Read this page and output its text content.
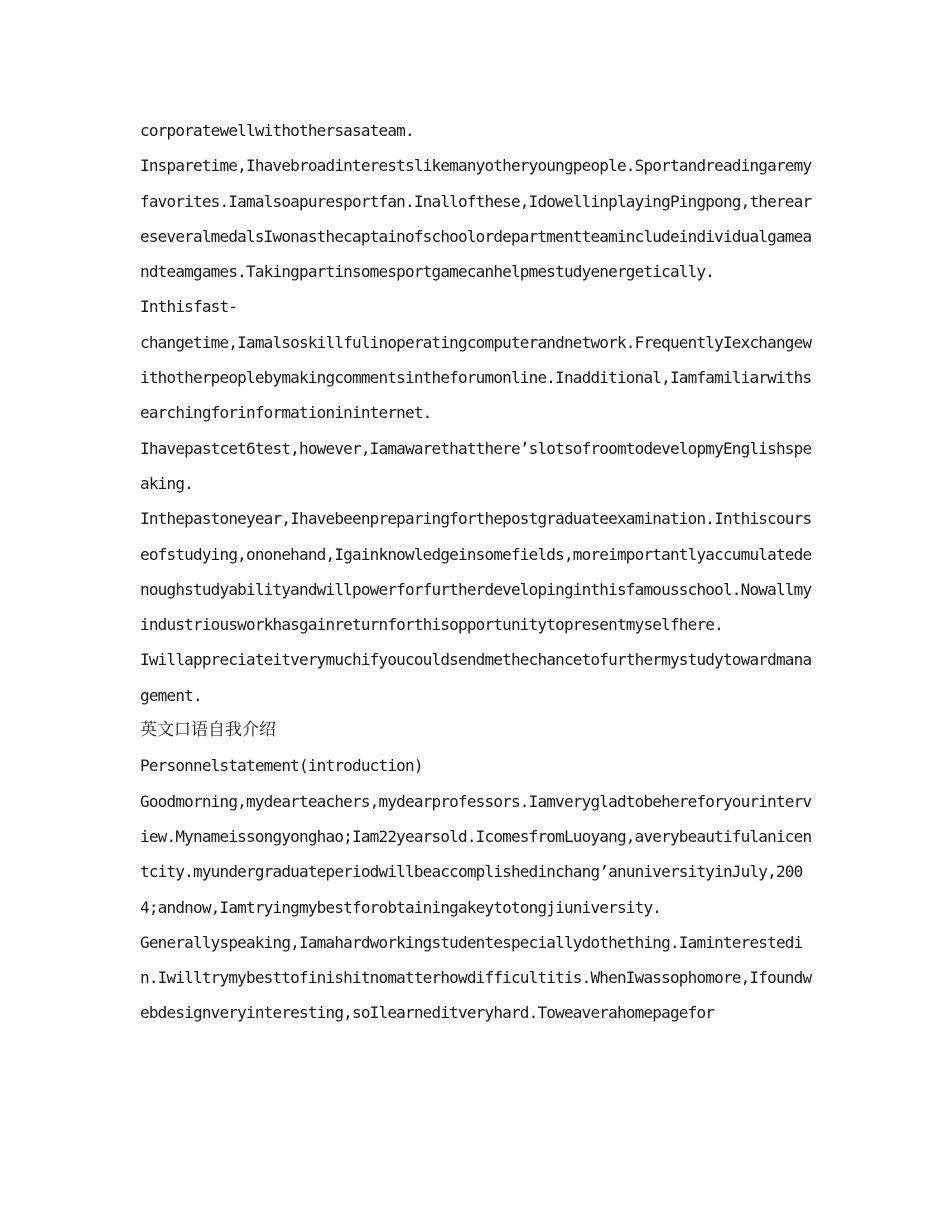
corporatewellwithothersasateam.

Insparetime,Ihavebroadinterestslikemanyotheryoungpeople.Sportandreadingaremyfavorites.Iamalsoapuresportfan.Inallofthese,IdowellinplayingPingpong,thereareseveralmedalsIwonasthecaptainofschoolordepartmentteamincludeindividualgameandteamgames.Takingpartinsomesportgamecanhelpmestudyenergetically.

Inthisfast-

changetime,Iamalsoskillfulinoperatingcomputerandnetwork.FrequentlyIexchangewithotherpeoplebymakingcommentsintheforumonline.Inadditional,Iamfamiliarwithsearchingforinformationininternet.

Ihavepastcet6test,however,Iamawarethatthere’slotsofroomtodevelopmyEnglishspeaking.

Inthepastoneyear,Ihavebeenpreparingforthepostgraduateexamination.Inthiscourseofstudying,ononehand,Igainknowledgeinsomefields,moreimportantlyaccumulatedenoughstudyabilityandwillpowerforfurtherdevelopinginthisfamousschool.Nowallmyindustriousworkhasgainreturnforthisopportunitytopresentmyselfhere.

Iwillappreciateitverymuchifyoucouldsendmethechancetofurthermystudytowardmanagement.

英文口语自我介绍

Personnelstatement(introduction)

Goodmorning,mydearteachers,mydearprofessors.Iamverygladtobehereforyourinterview.Mynameissongyonghao;Iam22yearsold.IcomesfromLuoyang,averybeautifulanicentcity.myundergraduateperiodwillbeaccomplishedinchang’anuniversityinJuly,2004;andnow,Iamtryingmybestforobtainingakeytotongjiuniversity.

Generallyspeaking,Iamahardworkingstudentespeciallydothething.Iaminterestedin.Iwilltrymybesttofinishitnomatterhowdifficultitis.WhenIwassophomore,Ifoundwebdesignveryinteresting,soIlearneditveryhard.Toweaverahomepagefor
